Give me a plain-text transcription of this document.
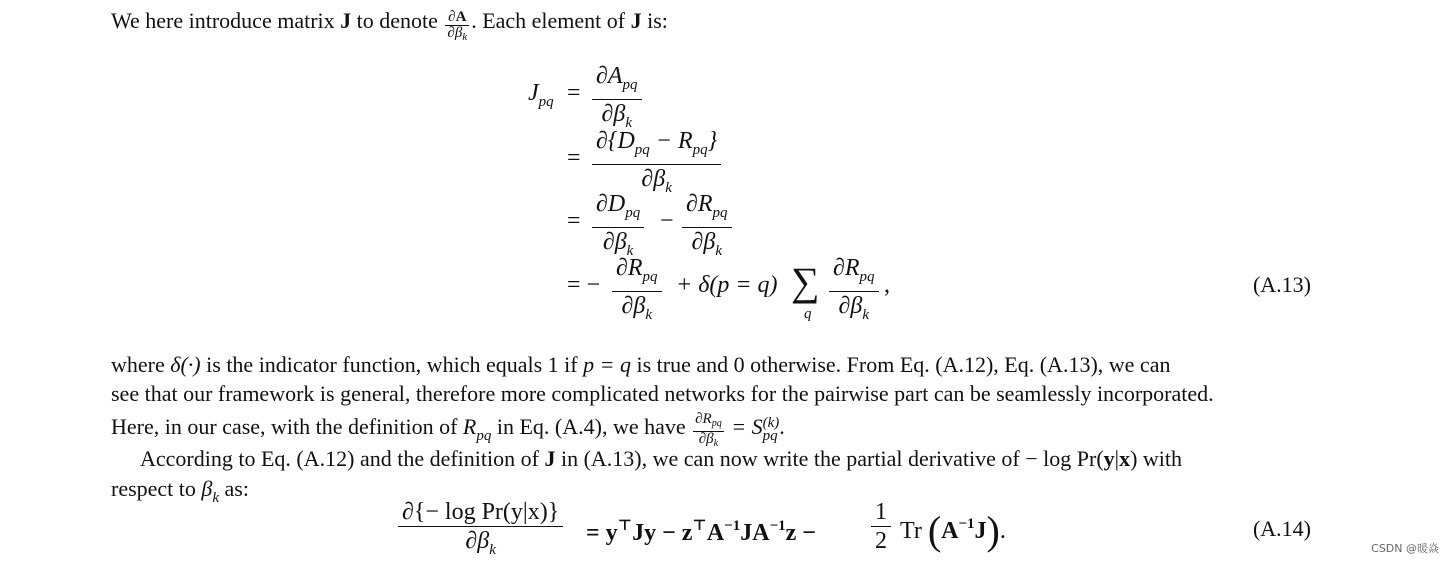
We here introduce matrix J to denote $\frac{\partial A}{\partial\beta_k}$ . Each element of J is:
$J_{pq}$ =
$\partial A_{pq}$
$\partial\beta_k$
=
$\partial\{D_{pq} - R_{pq}\}$
$\partial\beta_k$
=
$\partial D_{pq}$
$\partial\beta_k$
−
$\partial R_{pq}$
$\partial\beta_k$
= −
$\partial R_{pq}$
$\partial\beta_k$
+ δ(p = q) ∑
q
$\partial R_{pq}$
$\partial\beta_k$
,	(A.13)
where δ(·) is the indicator function, which equals 1 if p = q is true and 0 otherwise. From Eq. (A.12), Eq. (A.13), we can
see that our framework is general, therefore more complicated networks for the pairwise part can be seamlessly incorporated.
Here, in our case, with the definition of $R_{pq}$ in Eq. (A.4), we have $\frac{\partial R_{pq}}{\partial\beta_k} = S$ (k)
pq .
According to Eq. (A.12) and the definition of J in (A.13), we can now write the partial derivative of − log Pr(y|x) with
respect to $\beta_k$ as:
$\frac{\text{∂\{− log Pr(y|x)\}}}{\partial\beta_k} = y^⊤Jy - z^⊤A^{-1}JA^{-1}z - \frac{1}{2}$ Tr $(A^{-1}J)$.	(A.14)
CSDN @暖焱
